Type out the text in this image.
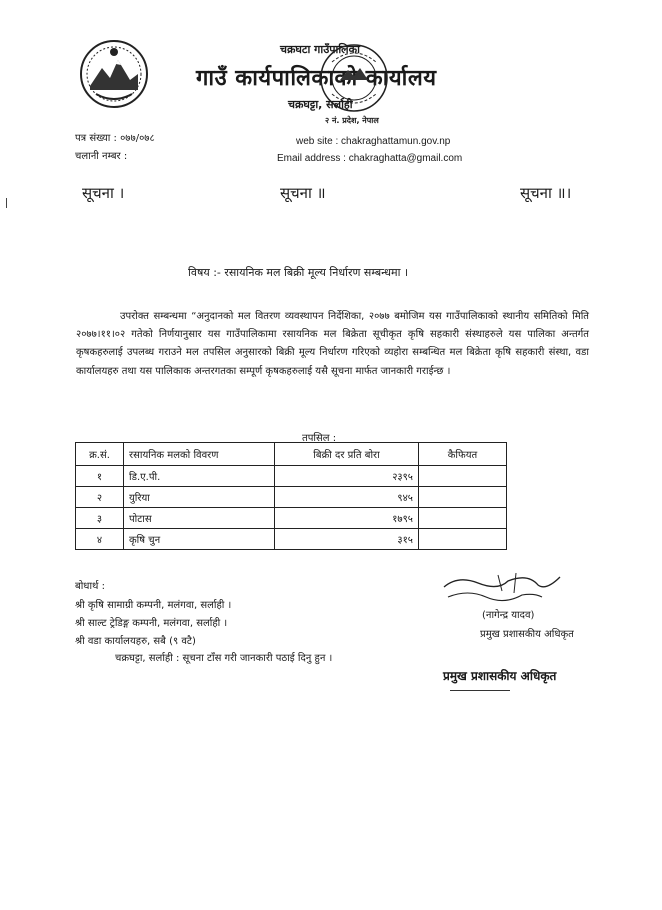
चक्रघटा गाउँपालिका
गाउँ कार्यपालिकाको कार्यालय
चक्रघट्टा, सर्लाही
२ नं. प्रदेश, नेपाल
पत्र संख्या : ०७७/०७८
चलानी नम्बर :
web site : chakraghattamun.gov.np
Email address : chakraghatta@gmail.com
सूचना ।	सूचना ॥	सूचना ॥।
विषय :- रसायनिक मल बिक्री मूल्य निर्धारण सम्बन्धमा ।
उपरोक्त सम्बन्धमा “अनुदानको मल वितरण व्यवस्थापन निर्देशिका, २०७७ बमोजिम यस गाउँपालिकाको स्थानीय समितिको मिति २०७७।११।०२ गतेको निर्णयानुसार यस गाउँपालिकामा रसायनिक मल बिक्रेता सूचीकृत कृषि सहकारी संस्थाहरुले यस पालिका अन्तर्गत कृषकहरुलाई उपलब्ध गराउने मल तपसिल अनुसारको बिक्री मूल्य निर्धारण गरिएको व्यहोरा सम्बन्धित मल बिक्रेता कृषि सहकारी संस्था, वडा कार्यालयहरु तथा यस पालिकाक अन्तरगतका सम्पूर्ण कृषकहरुलाई यसै सूचना मार्फत जानकारी गराईन्छ ।
तपसिल :
क्र.सं.	रसायनिक मलको विवरण	बिक्री दर प्रति बोरा	कैफियत
१	डि.ए.पी.	२३९५	
२	युरिया	९४५	
३	पोटास	१७९५	
४	कृषि चुन	३१५	
बोधार्थ :
श्री कृषि सामाग्री कम्पनी, मलंगवा, सर्लाही ।
श्री साल्ट ट्रेडिङ्ग कम्पनी, मलंगवा, सर्लाही ।
श्री वडा कार्यालयहरु, सबै (९ वटै)
चक्रघट्टा, सर्लाही : सूचना टाँस गरी जानकारी पठाई दिनु हुन ।
(नागेन्द्र यादव)
प्रमुख प्रशासकीय अधिकृत
प्रमुख प्रशासकीय अधिकृत
